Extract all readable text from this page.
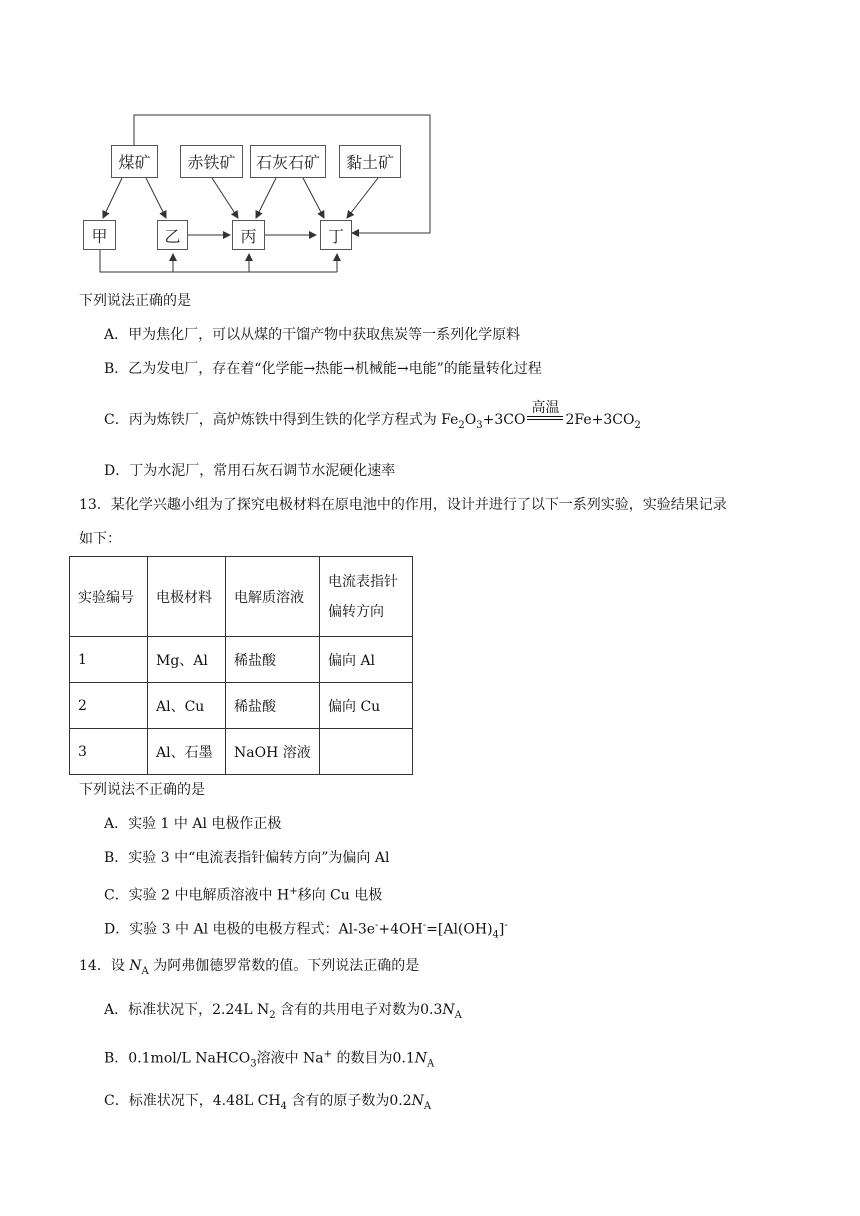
煤矿 赤铁矿 石灰石矿 黏土矿
甲	乙	丙	丁
下列说法正确的是
A．甲为焦化厂，可以从煤的干馏产物中获取焦炭等一系列化学原料
B．乙为发电厂，存在着“化学能→热能→机械能→电能”的能量转化过程
C．丙为炼铁厂，高炉炼铁中得到生铁的化学方程式为 $Fe_2O_3+3CO$
高温
$2Fe+3CO_2$
D．丁为水泥厂，常用石灰石调节水泥硬化速率
13．某化学兴趣小组为了探究电极材料在原电池中的作用，设计并进行了以下一系列实验，实验结果记录
如下：
实验编号	电极材料	电解质溶液	电流表指针
偏转方向
1	Mg、Al	稀盐酸	偏向 Al
2	Al、Cu	稀盐酸	偏向 Cu
3	Al、石墨	NaOH 溶液	
下列说法不正确的是
A．实验 1 中 Al 电极作正极
B．实验 3 中“电流表指针偏转方向”为偏向 Al
C．实验 2 中电解质溶液中 H+移向 Cu 电极
D．实验 3 中 Al 电极的电极方程式：$Al-3e^-+4OH^-=[Al(OH)_4]^-$
14．设 $N_A$ 为阿弗伽德罗常数的值。下列说法正确的是
A．标准状况下，2.24L $N_2$ 含有的共用电子对数为$0.3N_A$
B．0.1mol/L NaHCO$_3$溶液中 Na+ 的数目为$0.1N_A$
C．标准状况下，4.48L $CH_4$ 含有的原子数为$0.2N_A$
